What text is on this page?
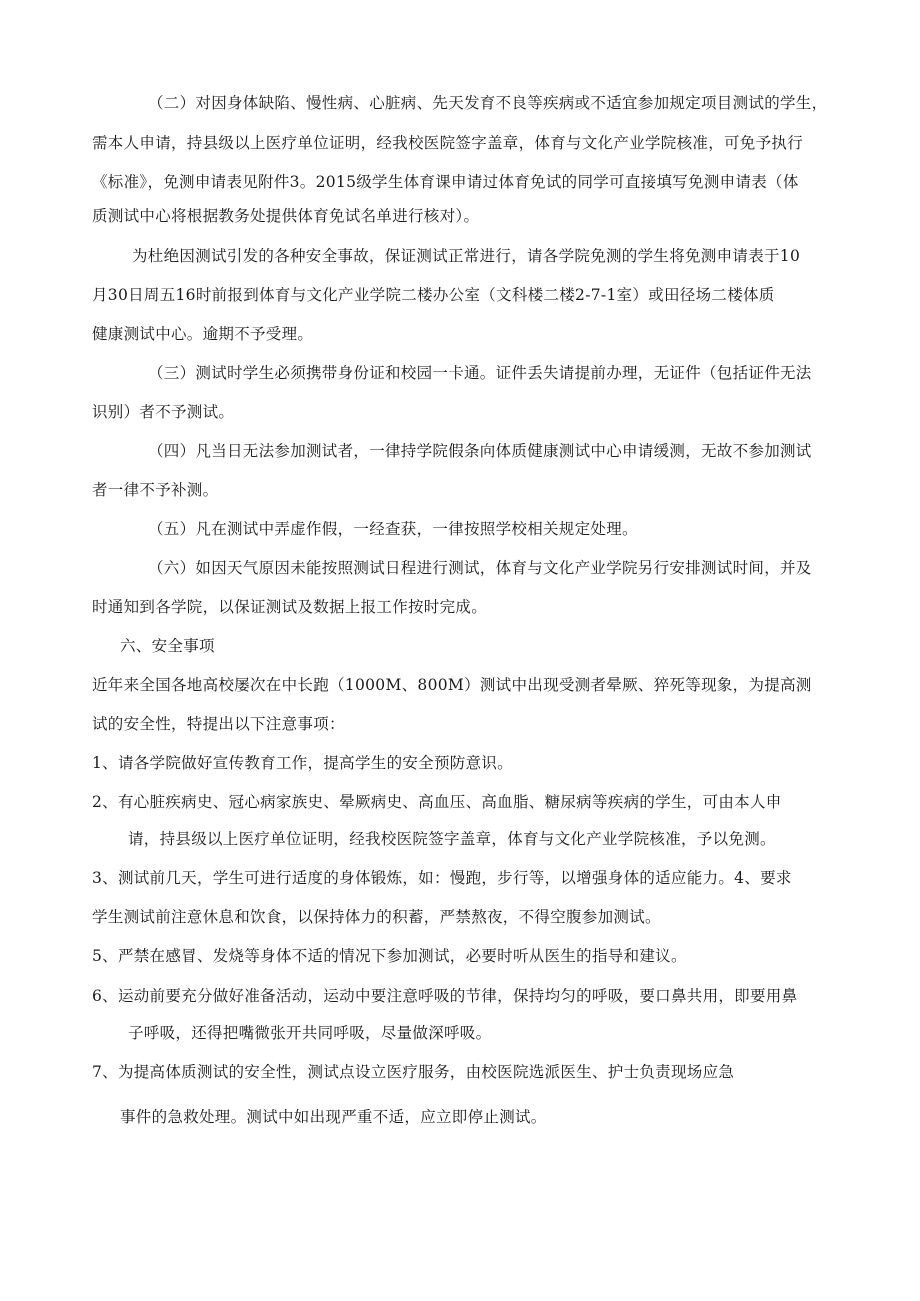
（二）对因身体缺陷、慢性病、心脏病、先天发育不良等疾病或不适宜参加规定项目测试的学生，
需本人申请，持县级以上医疗单位证明，经我校医院签字盖章，体育与文化产业学院核准，可免予执行
《标准》，免测申请表见附件3。2015级学生体育课申请过体育免试的同学可直接填写免测申请表（体
质测试中心将根据教务处提供体育免试名单进行核对）。
为杜绝因测试引发的各种安全事故，保证测试正常进行，请各学院免测的学生将免测申请表于10
月30日周五16时前报到体育与文化产业学院二楼办公室（文科楼二楼2-7-1室）或田径场二楼体质
健康测试中心。逾期不予受理。
（三）测试时学生必须携带身份证和校园一卡通。证件丢失请提前办理，无证件（包括证件无法
识别）者不予测试。
（四）凡当日无法参加测试者，一律持学院假条向体质健康测试中心申请缓测，无故不参加测试
者一律不予补测。
（五）凡在测试中弄虚作假，一经查获，一律按照学校相关规定处理。
（六）如因天气原因未能按照测试日程进行测试，体育与文化产业学院另行安排测试时间，并及
时通知到各学院，以保证测试及数据上报工作按时完成。
六、安全事项
近年来全国各地高校屡次在中长跑（1000M、800M）测试中出现受测者晕厥、猝死等现象，为提高测
试的安全性，特提出以下注意事项：
1、请各学院做好宣传教育工作，提高学生的安全预防意识。
2、有心脏疾病史、冠心病家族史、晕厥病史、高血压、高血脂、糖尿病等疾病的学生，可由本人申
请，持县级以上医疗单位证明，经我校医院签字盖章，体育与文化产业学院核准，予以免测。
3、测试前几天，学生可进行适度的身体锻炼，如：慢跑，步行等，以增强身体的适应能力。4、要求
学生测试前注意休息和饮食，以保持体力的积蓄，严禁熬夜，不得空腹参加测试。
5、严禁在感冒、发烧等身体不适的情况下参加测试，必要时听从医生的指导和建议。
6、运动前要充分做好准备活动，运动中要注意呼吸的节律，保持均匀的呼吸，要口鼻共用，即要用鼻
子呼吸，还得把嘴微张开共同呼吸，尽量做深呼吸。
7、为提高体质测试的安全性，测试点设立医疗服务，由校医院选派医生、护士负责现场应急
事件的急救处理。测试中如出现严重不适，应立即停止测试。
